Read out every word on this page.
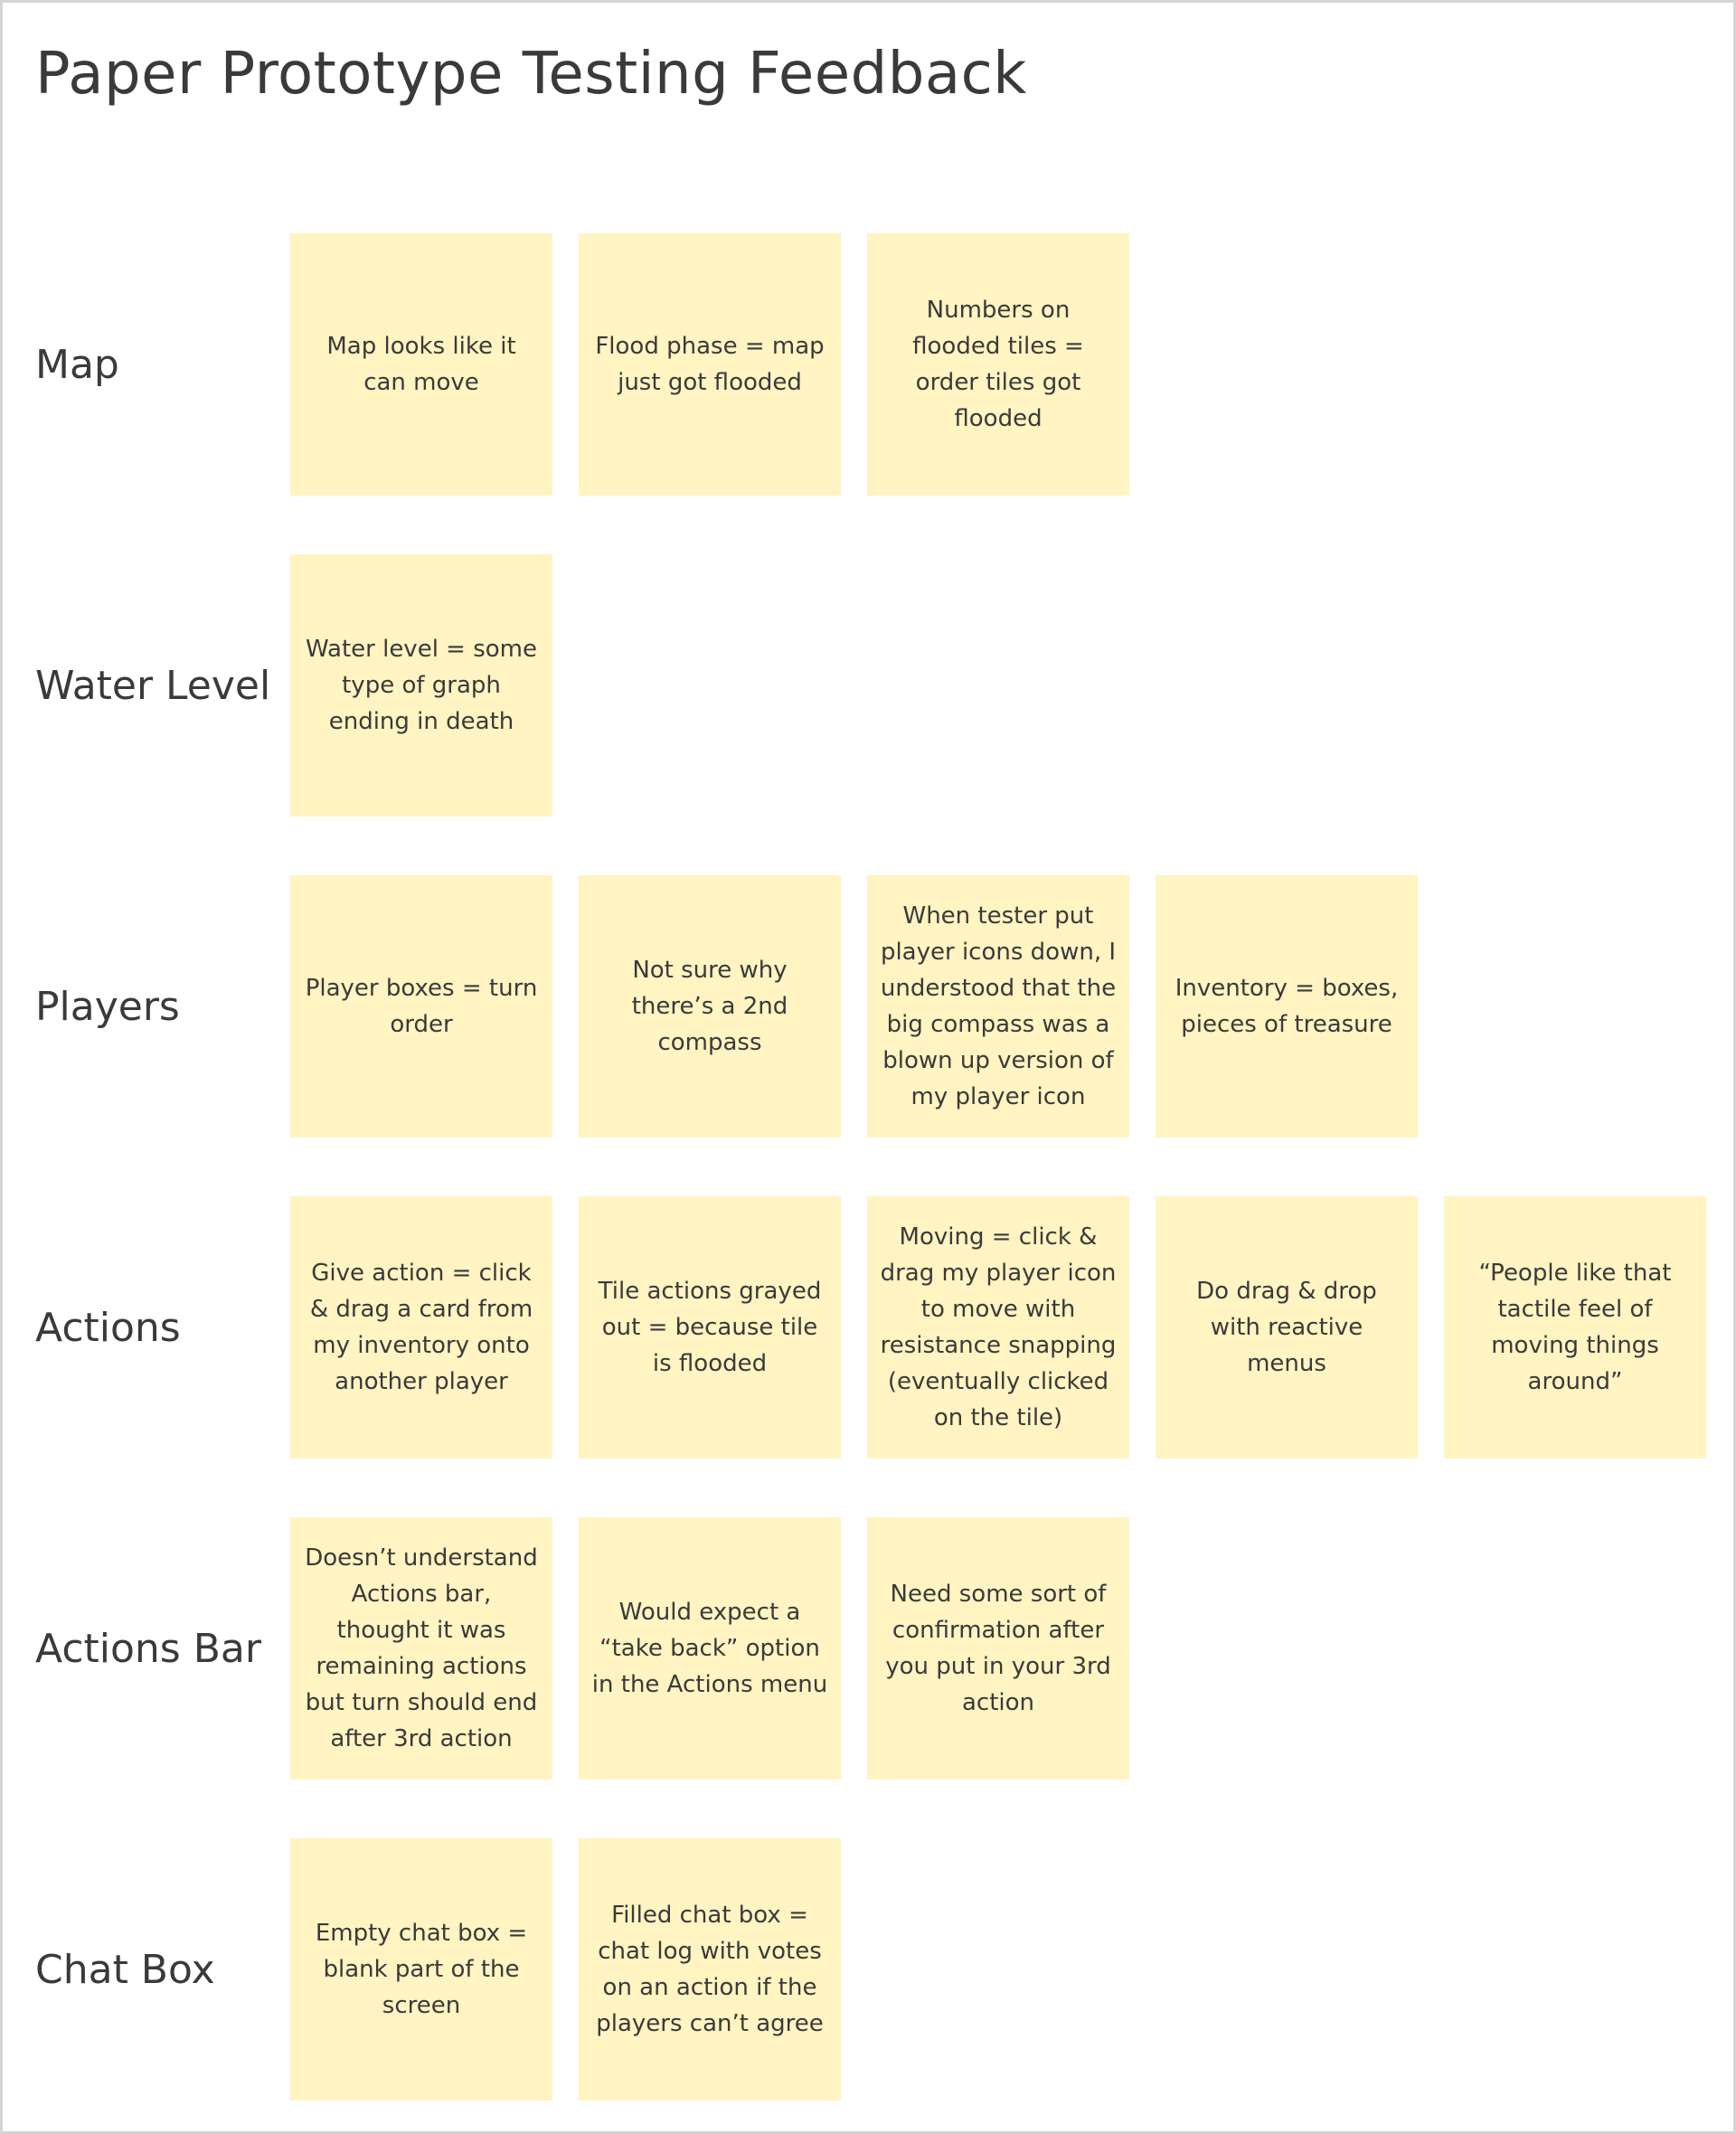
Paper Prototype Testing Feedback
Map	Map looks like it can move
Flood phase = map just got flooded
Numbers on flooded tiles = order tiles got flooded
Water Level
Water level = some type of graph ending in death
Players	Player boxes = turn order
Not sure why there’s a 2nd compass
When tester put player icons down, I understood that the big compass was a blown up version of my player icon
Inventory = boxes, pieces of treasure
Actions
Give action = click & drag a card from my inventory onto another player
Tile actions grayed out = because tile is flooded
Moving = click & drag my player icon to move with resistance snapping (eventually clicked on the tile)
Do drag & drop with reactive menus
“People like that tactile feel of moving things around”
Actions Bar
Doesn’t understand Actions bar, thought it was remaining actions but turn should end after 3rd action
Would expect a “take back” option in the Actions menu
Need some sort of confirmation after you put in your 3rd action
Chat Box
Empty chat box = blank part of the screen
Filled chat box = chat log with votes on an action if the players can’t agree
